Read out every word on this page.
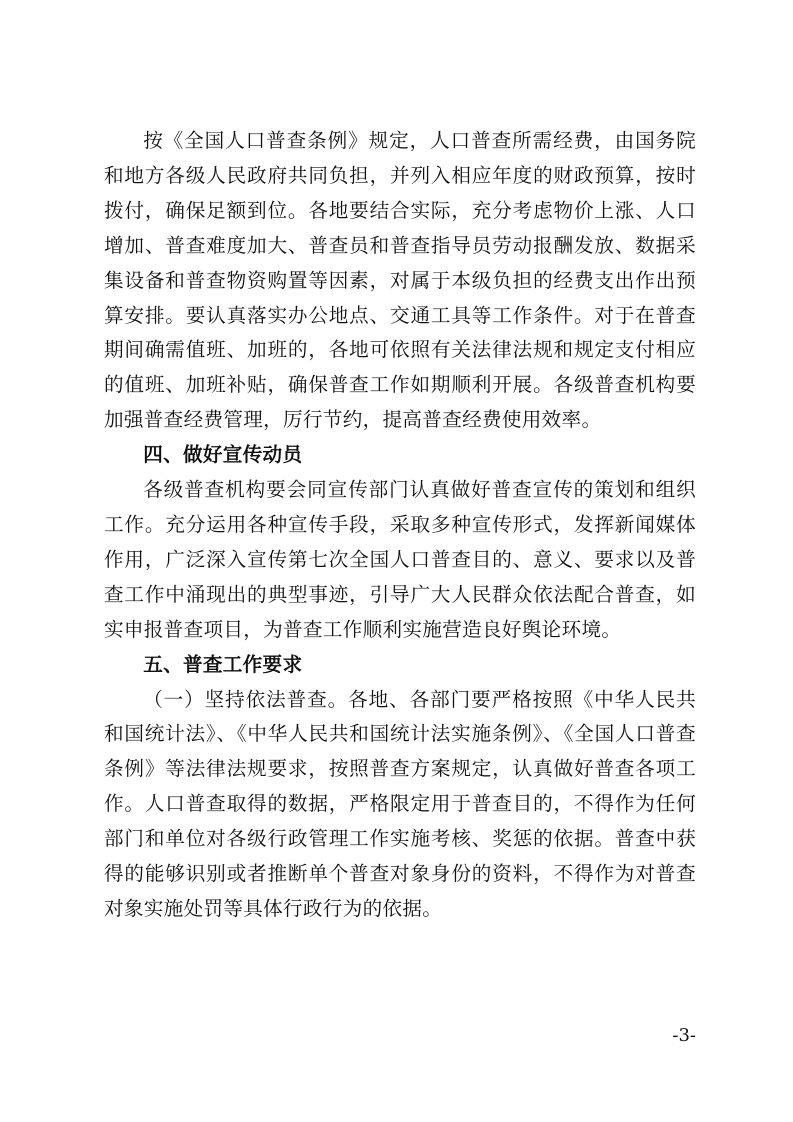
按《全国人口普查条例》规定，人口普查所需经费，由国务院和地方各级人民政府共同负担，并列入相应年度的财政预算，按时拨付，确保足额到位。各地要结合实际，充分考虑物价上涨、人口增加、普查难度加大、普查员和普查指导员劳动报酬发放、数据采集设备和普查物资购置等因素，对属于本级负担的经费支出作出预算安排。要认真落实办公地点、交通工具等工作条件。对于在普查期间确需值班、加班的，各地可依照有关法律法规和规定支付相应的值班、加班补贴，确保普查工作如期顺利开展。各级普查机构要加强普查经费管理，厉行节约，提高普查经费使用效率。

四、做好宣传动员

各级普查机构要会同宣传部门认真做好普查宣传的策划和组织工作。充分运用各种宣传手段，采取多种宣传形式，发挥新闻媒体作用，广泛深入宣传第七次全国人口普查目的、意义、要求以及普查工作中涌现出的典型事迹，引导广大人民群众依法配合普查，如实申报普查项目，为普查工作顺利实施营造良好舆论环境。

五、普查工作要求

（一）坚持依法普查。各地、各部门要严格按照《中华人民共和国统计法》、《中华人民共和国统计法实施条例》、《全国人口普查条例》等法律法规要求，按照普查方案规定，认真做好普查各项工作。人口普查取得的数据，严格限定用于普查目的，不得作为任何部门和单位对各级行政管理工作实施考核、奖惩的依据。普查中获得的能够识别或者推断单个普查对象身份的资料，不得作为对普查对象实施处罚等具体行政行为的依据。

-3-
